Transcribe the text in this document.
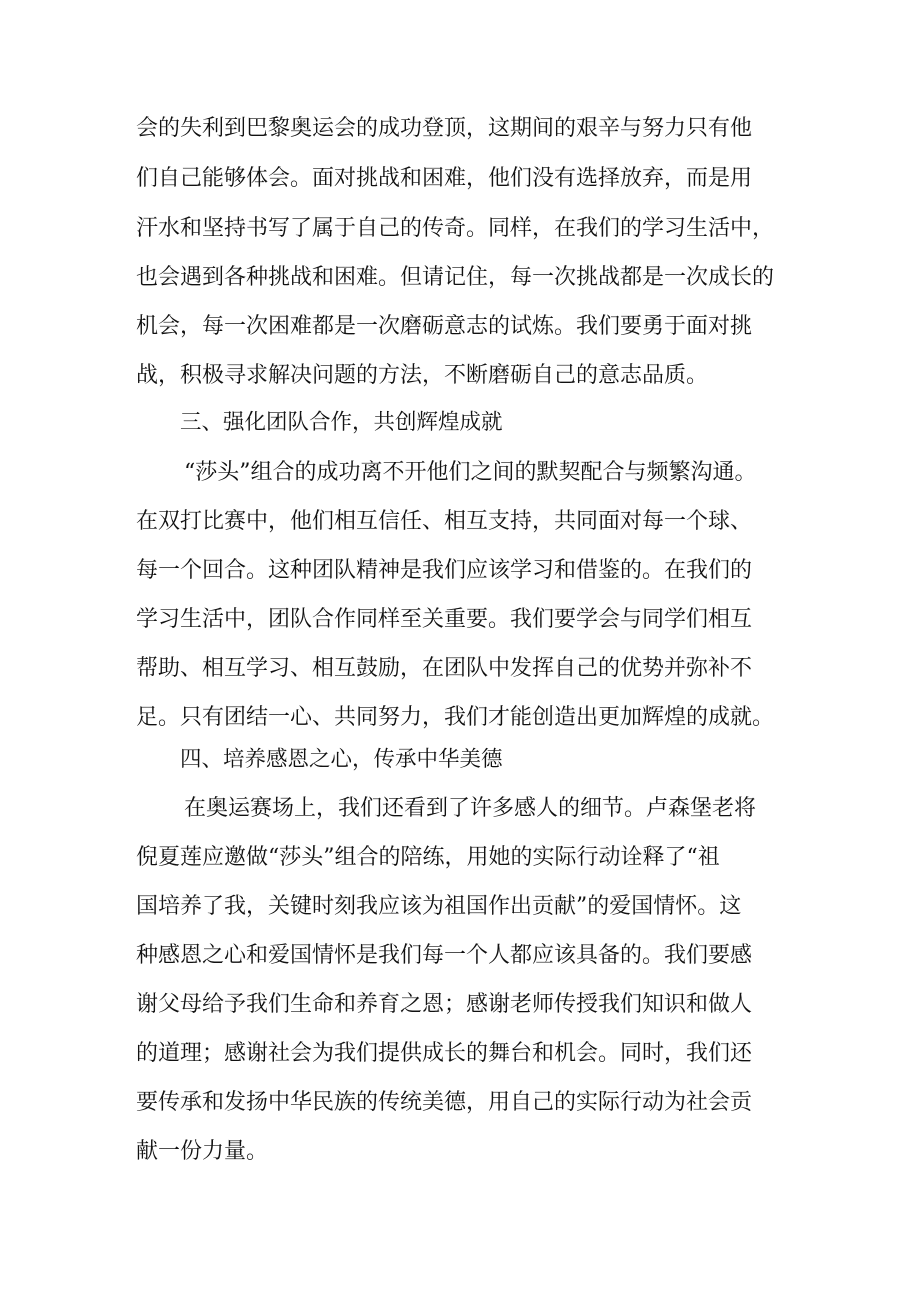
会的失利到巴黎奥运会的成功登顶，这期间的艰辛与努力只有他
们自己能够体会。面对挑战和困难，他们没有选择放弃，而是用
汗水和坚持书写了属于自己的传奇。同样，在我们的学习生活中，
也会遇到各种挑战和困难。但请记住，每一次挑战都是一次成长的
机会，每一次困难都是一次磨砺意志的试炼。我们要勇于面对挑
战，积极寻求解决问题的方法，不断磨砺自己的意志品质。
三、强化团队合作，共创辉煌成就
“莎头”组合的成功离不开他们之间的默契配合与频繁沟通。
在双打比赛中，他们相互信任、相互支持，共同面对每一个球、
每一个回合。这种团队精神是我们应该学习和借鉴的。在我们的
学习生活中，团队合作同样至关重要。我们要学会与同学们相互
帮助、相互学习、相互鼓励，在团队中发挥自己的优势并弥补不
足。只有团结一心、共同努力，我们才能创造出更加辉煌的成就。
四、培养感恩之心，传承中华美德
在奥运赛场上，我们还看到了许多感人的细节。卢森堡老将
倪夏莲应邀做“莎头”组合的陪练，用她的实际行动诠释了“祖
国培养了我，关键时刻我应该为祖国作出贡献”的爱国情怀。这
种感恩之心和爱国情怀是我们每一个人都应该具备的。我们要感
谢父母给予我们生命和养育之恩；感谢老师传授我们知识和做人
的道理；感谢社会为我们提供成长的舞台和机会。同时，我们还
要传承和发扬中华民族的传统美德，用自己的实际行动为社会贡
献一份力量。
